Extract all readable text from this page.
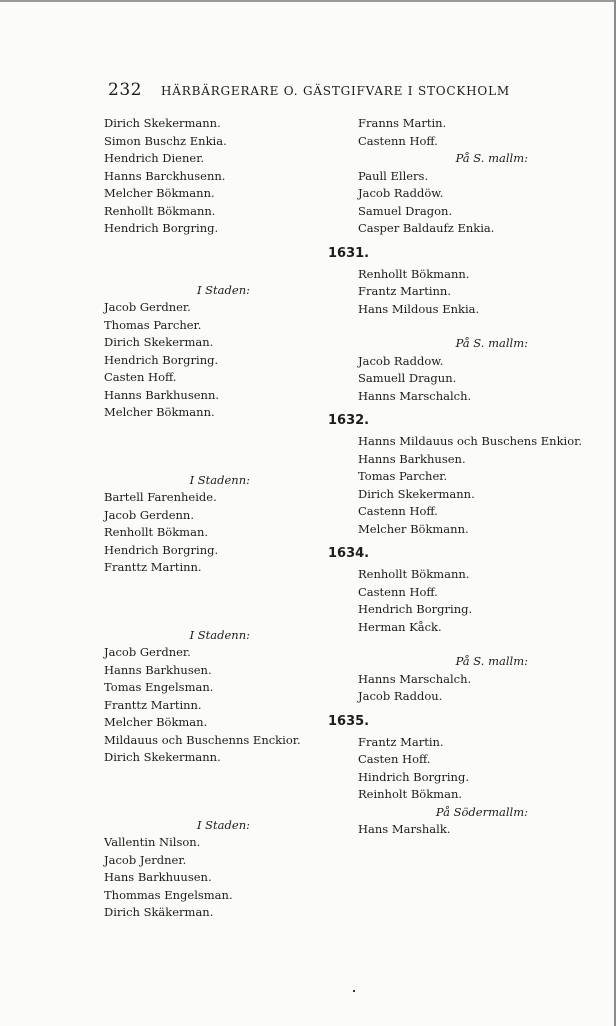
232 HÄRBÄRGERARE O. GÄSTGIFVARE I STOCKHOLM
Dirich Skekermann.
Simon Buschz Enkia.
Hendrich Diener.
Hanns Barckhusenn.
Melcher Bökmann.
Renhollt Bökmann.
Hendrich Borgring.
I Staden:
Jacob Gerdner.
Thomas Parcher.
Dirich Skekerman.
Hendrich Borgring.
Casten Hoff.
Hanns Barkhusenn.
Melcher Bökmann.
I Stadenn:
Bartell Farenheide.
Jacob Gerdenn.
Renhollt Bökman.
Hendrich Borgring.
Franttz Martinn.
I Stadenn:
Jacob Gerdner.
Hanns Barkhusen.
Tomas Engelsman.
Franttz Martinn.
Melcher Bökman.
Mildauus och Buschenns Enckior.
Dirich Skekermann.
I Staden:
Vallentin Nilson.
Jacob Jerdner.
Hans Barkhuusen.
Thommas Engelsman.
Dirich Skäkerman.
Franns Martin.
Castenn Hoff.
På S. mallm:
Paull Ellers.
Jacob Raddöw.
Samuel Dragon.
Casper Baldaufz Enkia.
1631.
Renhollt Bökmann.
Frantz Martinn.
Hans Mildous Enkia.
På S. mallm:
Jacob Raddow.
Samuell Dragun.
Hanns Marschalch.
1632.
Hanns Mildauus och Buschens Enkior.
Hanns Barkhusen.
Tomas Parcher.
Dirich Skekermann.
Castenn Hoff.
Melcher Bökmann.
1634.
Renhollt Bökmann.
Castenn Hoff.
Hendrich Borgring.
Herman Kåck.
På S. mallm:
Hanns Marschalch.
Jacob Raddou.
1635.
Frantz Martin.
Casten Hoff.
Hindrich Borgring.
Reinholt Bökman.
På Södermallm:
Hans Marshalk.
